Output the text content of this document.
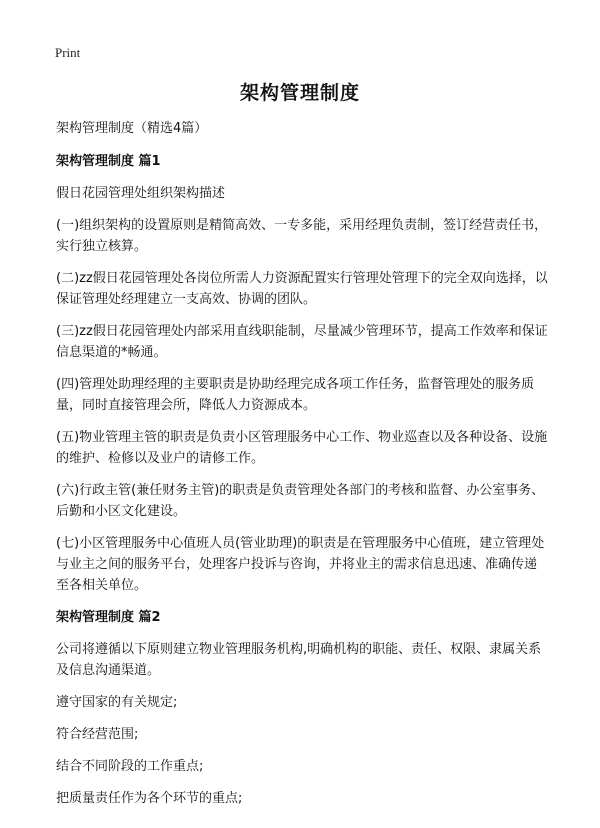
Print
架构管理制度

架构管理制度（精选4篇）

架构管理制度 篇1

假日花园管理处组织架构描述

(一)组织架构的设置原则是精简高效、一专多能，采用经理负责制，签订经营责任书，实行独立核算。

(二)zz假日花园管理处各岗位所需人力资源配置实行管理处管理下的完全双向选择，以保证管理处经理建立一支高效、协调的团队。

(三)zz假日花园管理处内部采用直线职能制，尽量减少管理环节，提高工作效率和保证信息渠道的*畅通。

(四)管理处助理经理的主要职责是协助经理完成各项工作任务，监督管理处的服务质量，同时直接管理会所，降低人力资源成本。

(五)物业管理主管的职责是负责小区管理服务中心工作、物业巡查以及各种设备、设施的维护、检修以及业户的请修工作。

(六)行政主管(兼任财务主管)的职责是负责管理处各部门的考核和监督、办公室事务、后勤和小区文化建设。

(七)小区管理服务中心值班人员(管业助理)的职责是在管理服务中心值班，建立管理处与业主之间的服务平台，处理客户投诉与咨询，并将业主的需求信息迅速、准确传递至各相关单位。

架构管理制度 篇2

公司将遵循以下原则建立物业管理服务机构,明确机构的职能、责任、权限、隶属关系及信息沟通渠道。

遵守国家的有关规定;

符合经营范围;

结合不同阶段的工作重点;

把质量责任作为各个环节的重点;
